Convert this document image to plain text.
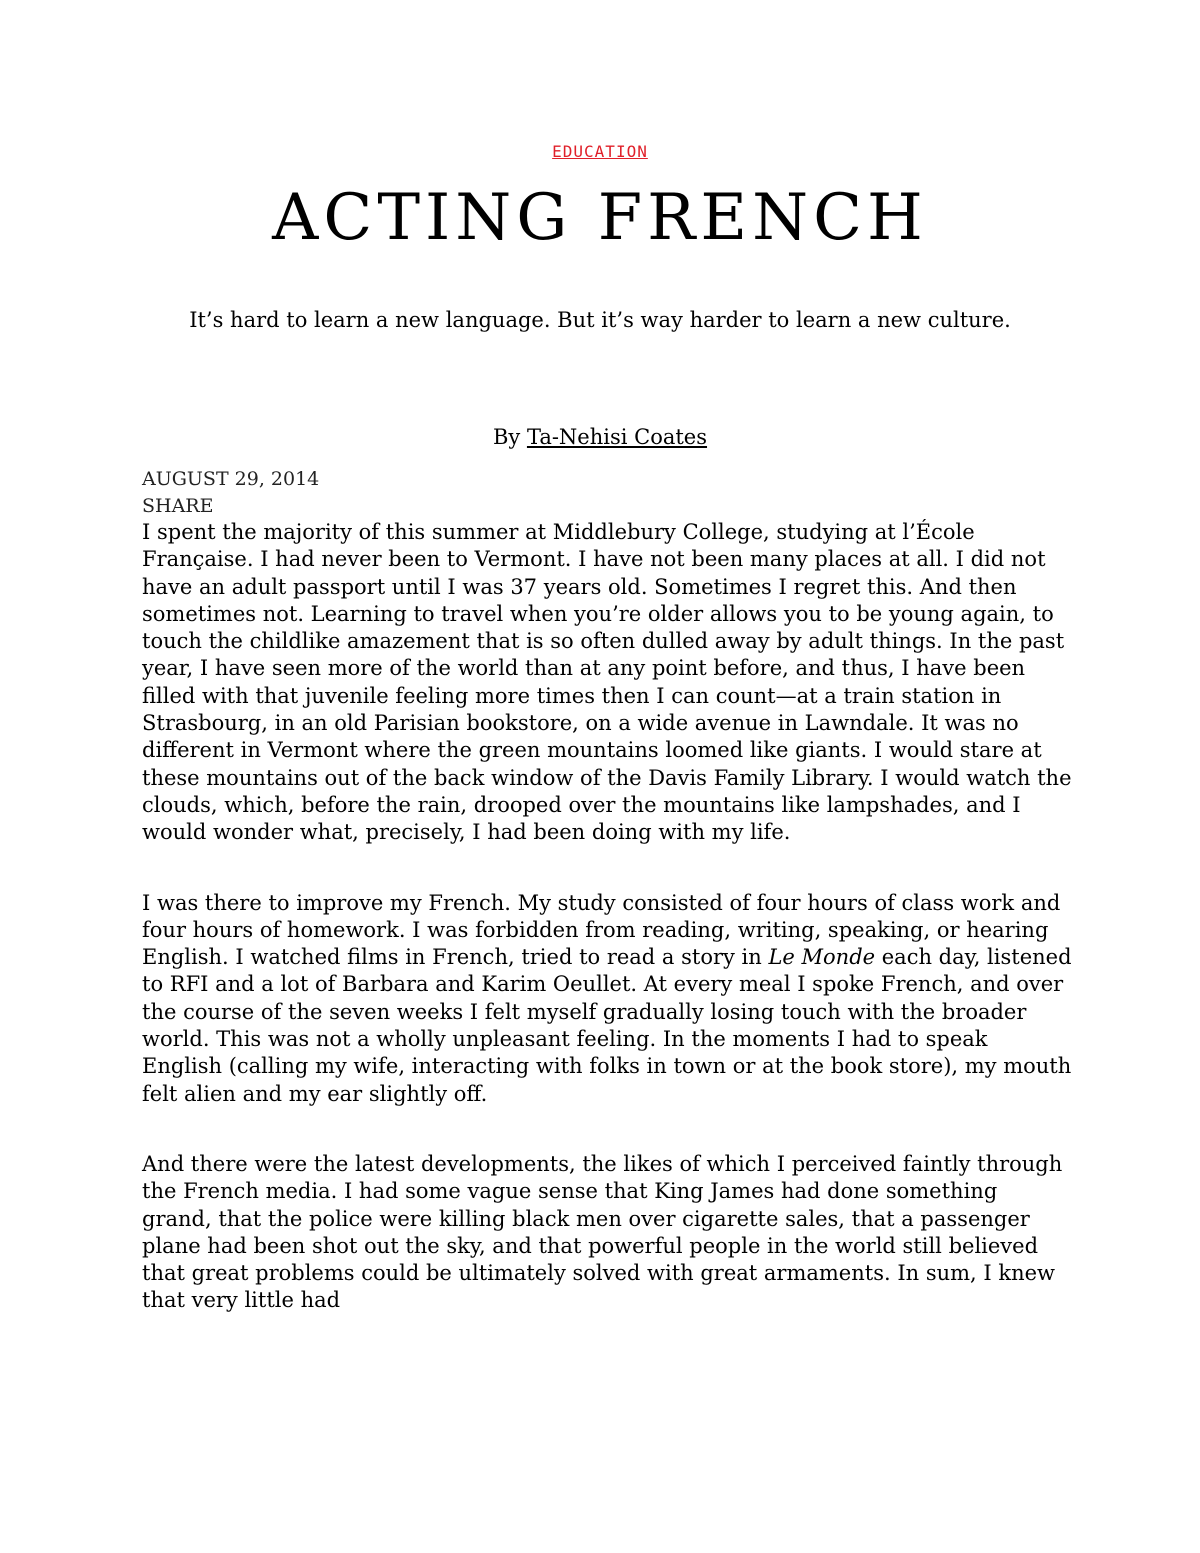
EDUCATION
ACTING FRENCH

It’s hard to learn a new language. But it’s way harder to learn a new culture.

By Ta-Nehisi Coates
AUGUST 29, 2014
SHARE

I spent the majority of this summer at Middlebury College, studying at l’École Française. I had never been to Vermont. I have not been many places at all. I did not have an adult passport until I was 37 years old. Sometimes I regret this. And then sometimes not. Learning to travel when you’re older allows you to be young again, to touch the childlike amazement that is so often dulled away by adult things. In the past year, I have seen more of the world than at any point before, and thus, I have been filled with that juvenile feeling more times then I can count—at a train station in Strasbourg, in an old Parisian bookstore, on a wide avenue in Lawndale. It was no different in Vermont where the green mountains loomed like giants. I would stare at these mountains out of the back window of the Davis Family Library. I would watch the clouds, which, before the rain, drooped over the mountains like lampshades, and I would wonder what, precisely, I had been doing with my life.

I was there to improve my French. My study consisted of four hours of class work and four hours of homework. I was forbidden from reading, writing, speaking, or hearing English. I watched films in French, tried to read a story in Le Monde each day, listened to RFI and a lot of Barbara and Karim Oeullet. At every meal I spoke French, and over the course of the seven weeks I felt myself gradually losing touch with the broader world. This was not a wholly unpleasant feeling. In the moments I had to speak English (calling my wife, interacting with folks in town or at the book store), my mouth felt alien and my ear slightly off.

And there were the latest developments, the likes of which I perceived faintly through the French media. I had some vague sense that King James had done something grand, that the police were killing black men over cigarette sales, that a passenger plane had been shot out the sky, and that powerful people in the world still believed that great problems could be ultimately solved with great armaments. In sum, I knew that very little had
